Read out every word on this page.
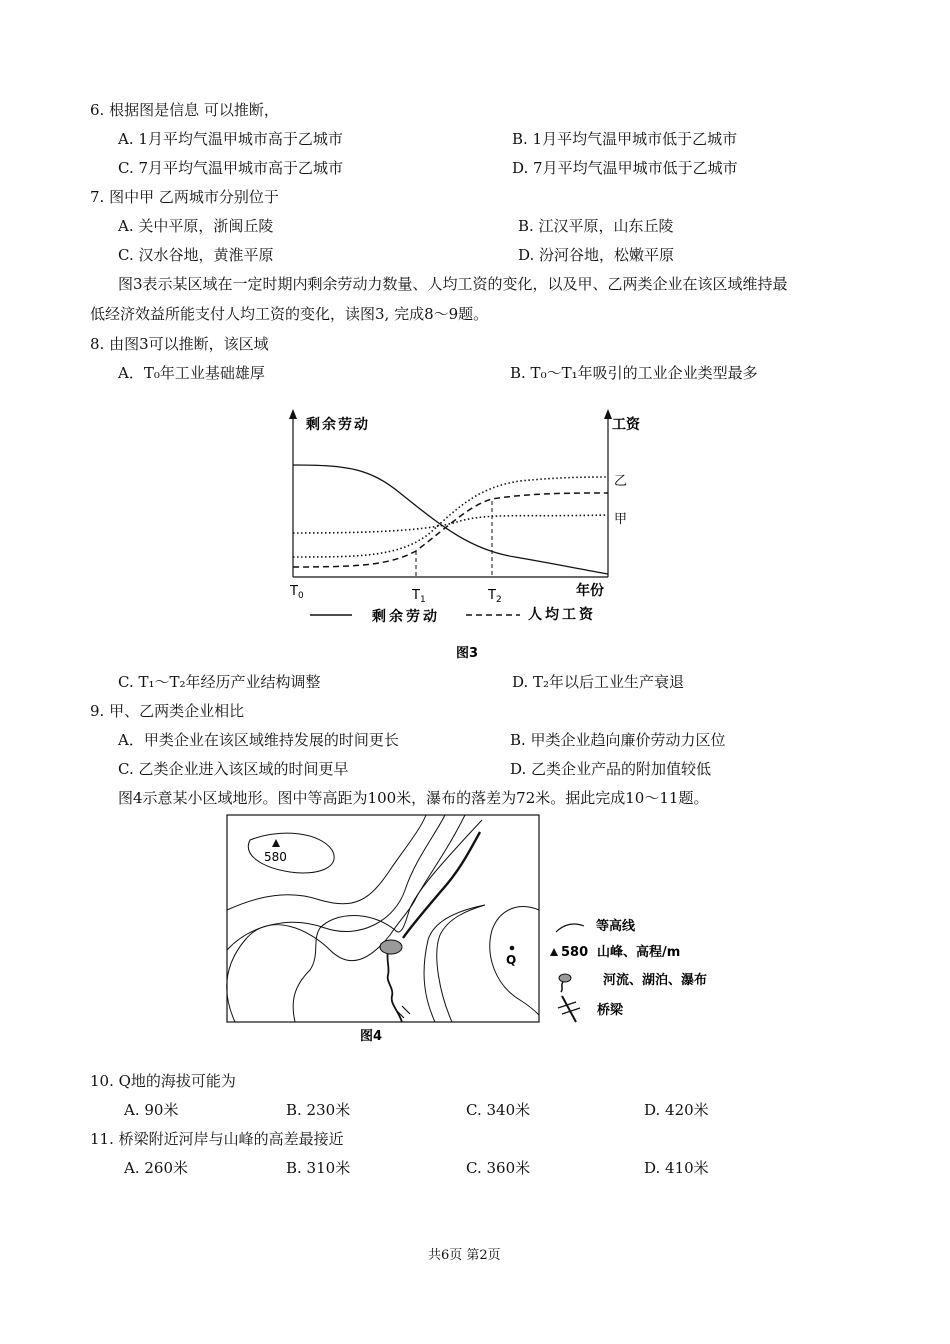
6. 根据图是信息 可以推断，
A. 1月平均气温甲城市高于乙城市	B. 1月平均气温甲城市低于乙城市
C. 7月平均气温甲城市高于乙城市	D. 7月平均气温甲城市低于乙城市
7. 图中甲 乙两城市分别位于
A. 关中平原，浙闽丘陵	B. 江汉平原，山东丘陵
C. 汉水谷地，黄淮平原	D. 汾河谷地，松嫩平原
图3表示某区域在一定时期内剩余劳动力数量、人均工资的变化，以及甲、乙两类企业在该区域维持最
低经济效益所能支付人均工资的变化，读图3, 完成8～9题。
8. 由图3可以推断，该区域
A．T₀年工业基础雄厚	B. T₀～T₁年吸引的工业企业类型最多
剩余劳动	工资
年份
$T_0$	$T_1$	$T_2$
乙
甲
剩余劳动	人均工资
图3
C. T₁～T₂年经历产业结构调整	D. T₂年以后工业生产衰退
9. 甲、乙两类企业相比
A．甲类企业在该区域维持发展的时间更长	B. 甲类企业趋向廉价劳动力区位
C. 乙类企业进入该区域的时间更早	D. 乙类企业产品的附加值较低
图4示意某小区域地形。图中等高距为100米，瀑布的落差为72米。据此完成10～11题。
580
Q
等高线
580 山峰、高程/m
河流、湖泊、瀑布
桥梁
图4
10. Q地的海拔可能为
A. 90米	B. 230米	C. 340米	D. 420米
11. 桥梁附近河岸与山峰的高差最接近
A. 260米	B. 310米	C. 360米	D. 410米
共6页 第2页
